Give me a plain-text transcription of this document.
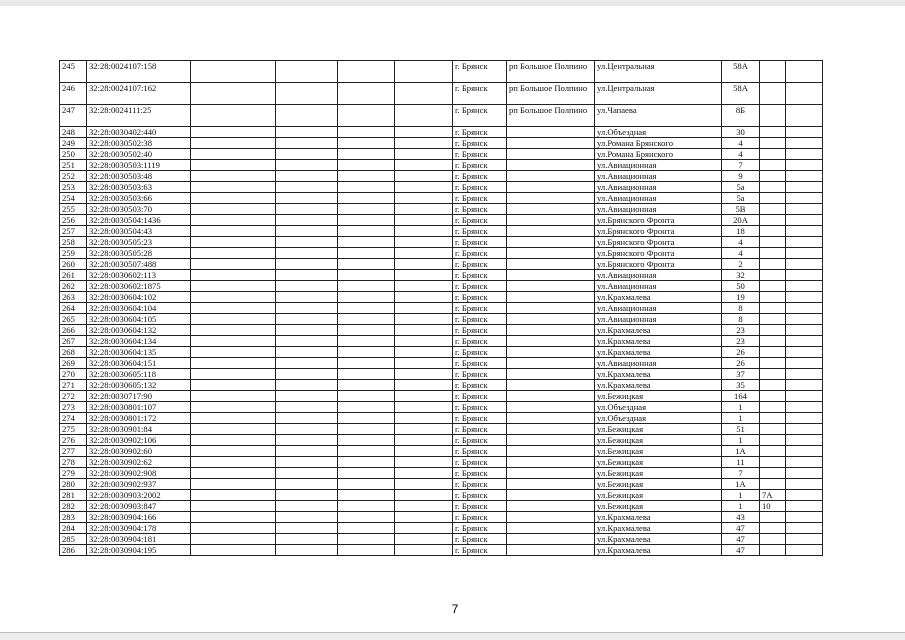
245	32:28:0024107:158					г. Брянск	рп Большое Полпино	ул.Центральная	58А		
246	32:28:0024107:162					г. Брянск	рп Большое Полпино	ул.Центральная	58А		
247	32:28:0024111:25					г. Брянск	рп Большое Полпино	ул.Чапаева	8Б		
248	32:28:0030402:440					г. Брянск		ул.Объездная	30		
249	32:28:0030502:38					г. Брянск		ул.Романа Брянского	4		
250	32:28:0030502:40					г. Брянск		ул.Романа Брянского	4		
251	32:28:0030503:1119					г. Брянск		ул.Авиационная	7		
252	32:28:0030503:48					г. Брянск		ул.Авиационная	9		
253	32:28:0030503:63					г. Брянск		ул.Авиационная	5а		
254	32:28:0030503:66					г. Брянск		ул.Авиационная	5а		
255	32:28:0030503:70					г. Брянск		ул.Авиационная	5В		
256	32:28:0030504:1436					г. Брянск		ул.Брянского Фронта	20А		
257	32:28:0030504:43					г. Брянск		ул.Брянского Фронта	18		
258	32:28:0030505:23					г. Брянск		ул.Брянского Фронта	4		
259	32:28:0030505:28					г. Брянск		ул.Брянского Фронта	4		
260	32:28:0030507:488					г. Брянск		ул.Брянского Фронта	2		
261	32:28:0030602:113					г. Брянск		ул.Авиационная	32		
262	32:28:0030602:1875					г. Брянск		ул.Авиационная	50		
263	32:28:0030604:102					г. Брянск		ул.Крахмалева	19		
264	32:28:0030604:104					г. Брянск		ул.Авиационная	8		
265	32:28:0030604:105					г. Брянск		ул.Авиационная	8		
266	32:28:0030604:132					г. Брянск		ул.Крахмалева	23		
267	32:28:0030604:134					г. Брянск		ул.Крахмалева	23		
268	32:28:0030604:135					г. Брянск		ул.Крахмалева	26		
269	32:28:0030604:151					г. Брянск		ул.Авиационная	26		
270	32:28:0030605:118					г. Брянск		ул.Крахмалева	37		
271	32:28:0030605:132					г. Брянск		ул.Крахмалева	35		
272	32:28:0030717:90					г. Брянск		ул.Бежицкая	164		
273	32:28:0030801:107					г. Брянск		ул.Объездная	1		
274	32:28:0030801:172					г. Брянск		ул.Объездная	1		
275	32:28:0030901:84					г. Брянск		ул.Бежицкая	51		
276	32:28:0030902:106					г. Брянск		ул.Бежицкая	1		
277	32:28:0030902:60					г. Брянск		ул.Бежицкая	1А		
278	32:28:0030902:62					г. Брянск		ул.Бежицкая	11		
279	32:28:0030902:908					г. Брянск		ул.Бежицкая	7		
280	32:28:0030902:937					г. Брянск		ул.Бежицкая	1А		
281	32:28:0030903:2002					г. Брянск		ул.Бежицкая	1	7А	
282	32:28:0030903:847					г. Брянск		ул.Бежицкая	1	10	
283	32:28:0030904:166					г. Брянск		ул.Крахмалева	43		
284	32:28:0030904:178					г. Брянск		ул.Крахмалева	47		
285	32:28:0030904:181					г. Брянск		ул.Крахмалева	47		
286	32:28:0030904:195					г. Брянск		ул.Крахмалева	47		
7
